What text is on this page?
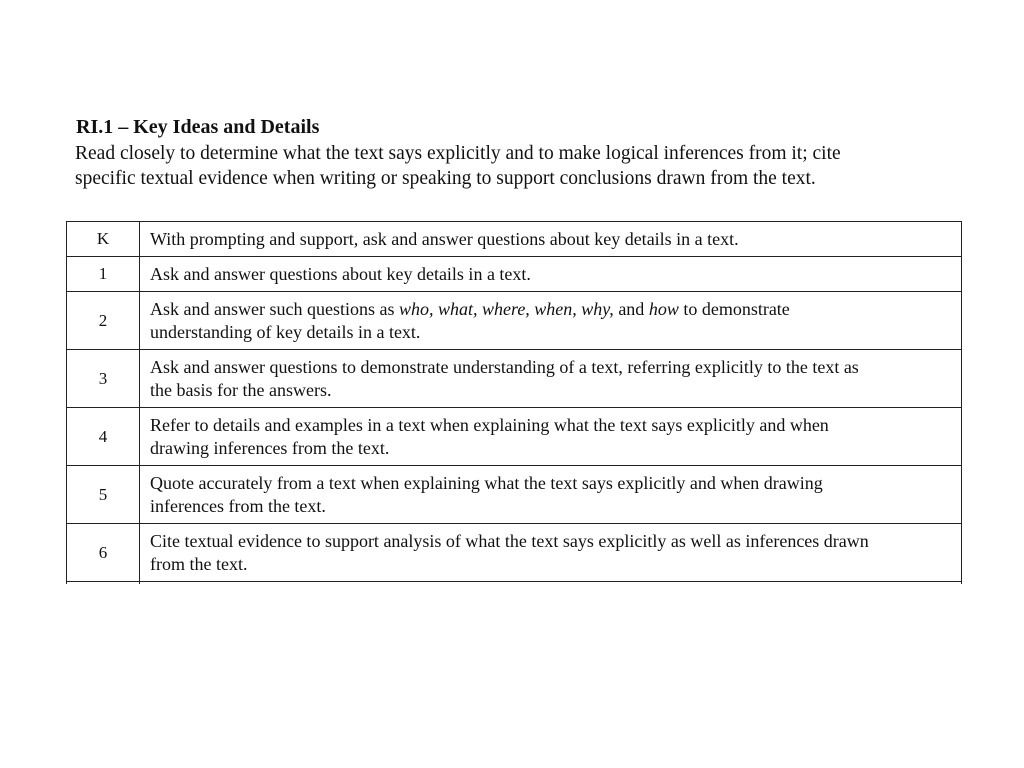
RI.1 – Key Ideas and Details
Read closely to determine what the text says explicitly and to make logical inferences from it; cite
specific textual evidence when writing or speaking to support conclusions drawn from the text.
K	With prompting and support, ask and answer questions about key details in a text.

1	Ask and answer questions about key details in a text.

2	Ask and answer such questions as who, what, where, when, why, and how to demonstrate
understanding of key details in a text.

3	Ask and answer questions to demonstrate understanding of a text, referring explicitly to the text as
the basis for the answers.

4	Refer to details and examples in a text when explaining what the text says explicitly and when
drawing inferences from the text.

5	Quote accurately from a text when explaining what the text says explicitly and when drawing
inferences from the text.

6	Cite textual evidence to support analysis of what the text says explicitly as well as inferences drawn
from the text.
